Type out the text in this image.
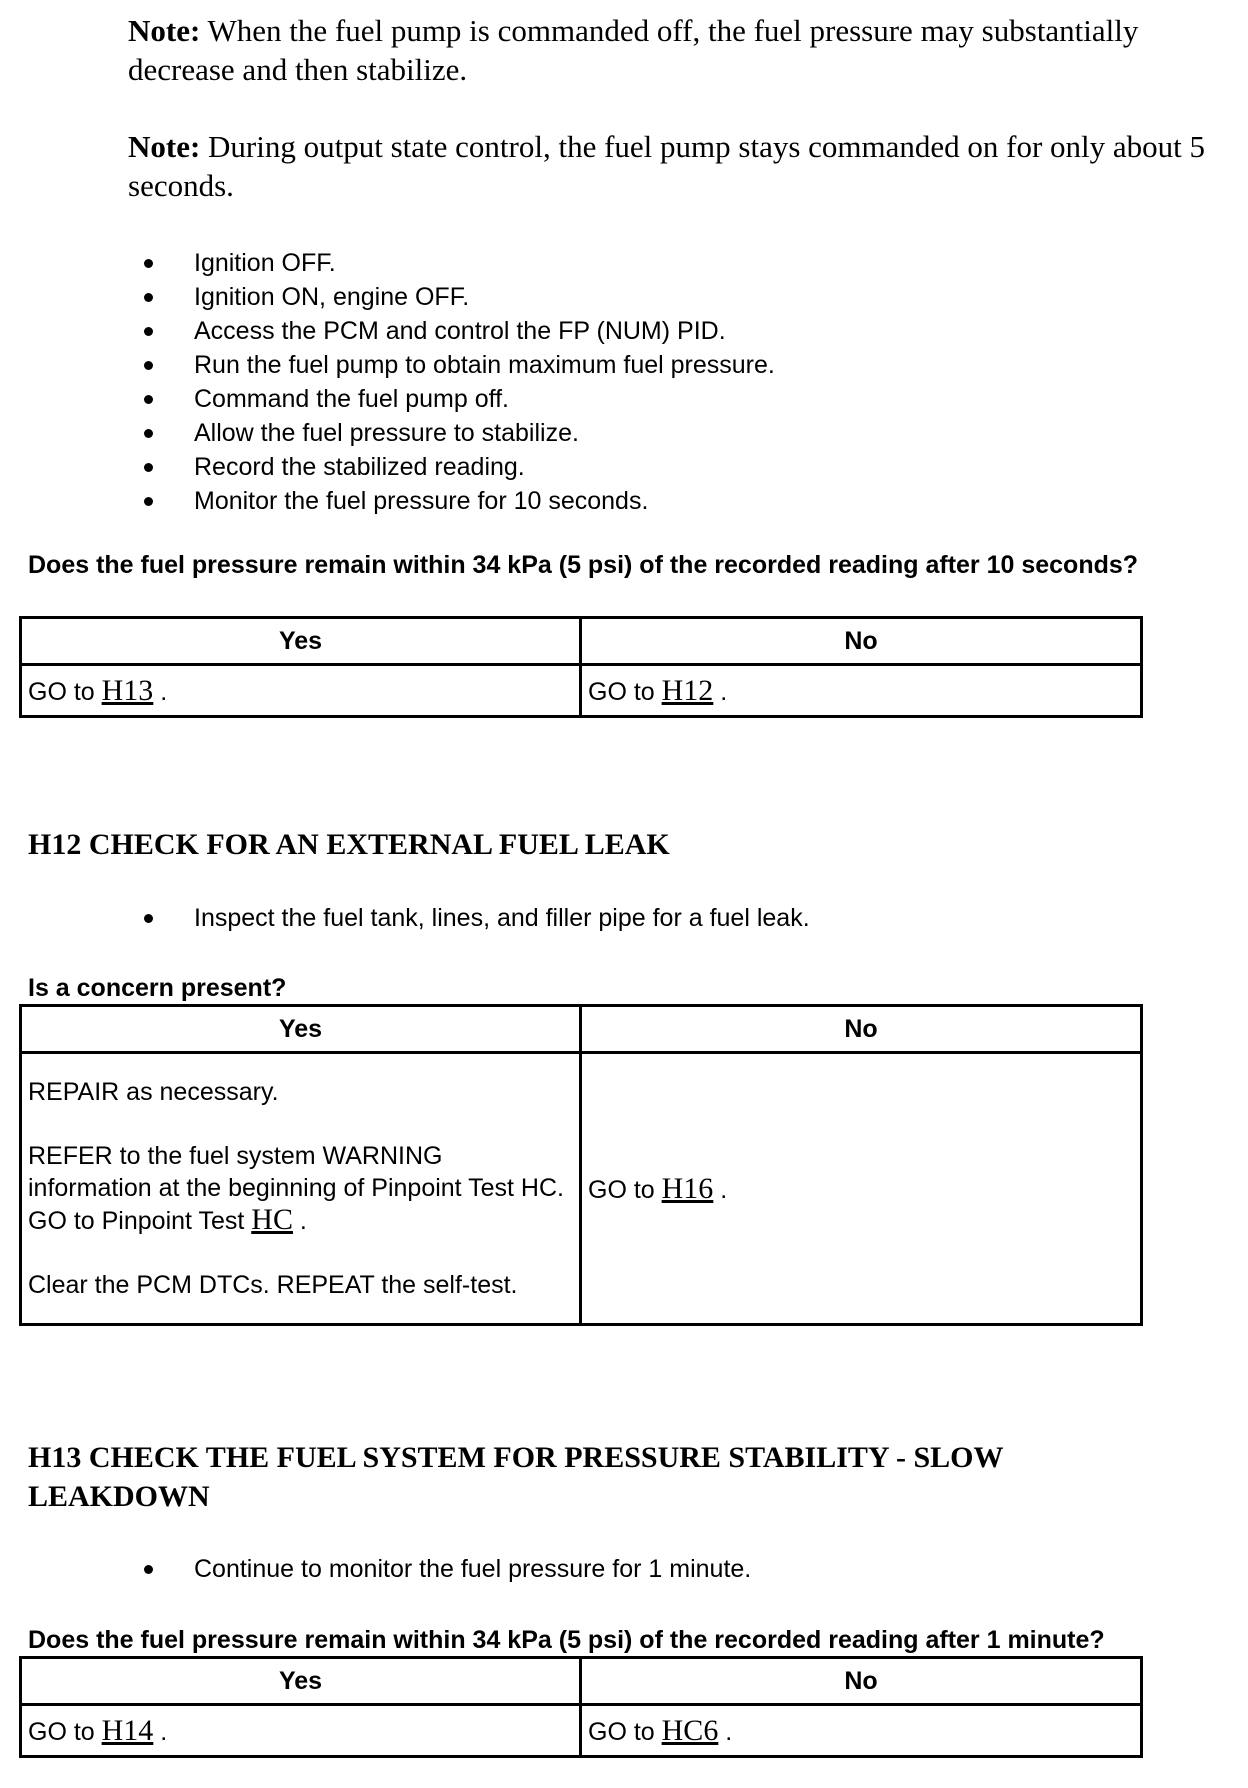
Note: When the fuel pump is commanded off, the fuel pressure may substantially decrease and then stabilize.
Note: During output state control, the fuel pump stays commanded on for only about 5 seconds.
Ignition OFF.
Ignition ON, engine OFF.
Access the PCM and control the FP (NUM) PID.
Run the fuel pump to obtain maximum fuel pressure.
Command the fuel pump off.
Allow the fuel pressure to stabilize.
Record the stabilized reading.
Monitor the fuel pressure for 10 seconds.
Does the fuel pressure remain within 34 kPa (5 psi) of the recorded reading after 10 seconds?
Yes	No
GO to H13 .	GO to H12 .
H12 CHECK FOR AN EXTERNAL FUEL LEAK
Inspect the fuel tank, lines, and filler pipe for a fuel leak.
Is a concern present?
Yes	No

REPAIR as necessary.

REFER to the fuel system WARNING information at the beginning of Pinpoint Test HC. GO to Pinpoint Test HC .

Clear the PCM DTCs. REPEAT the self-test.	GO to H16 .
H13 CHECK THE FUEL SYSTEM FOR PRESSURE STABILITY - SLOW LEAKDOWN
Continue to monitor the fuel pressure for 1 minute.
Does the fuel pressure remain within 34 kPa (5 psi) of the recorded reading after 1 minute?
Yes	No
GO to H14 .	GO to HC6 .
